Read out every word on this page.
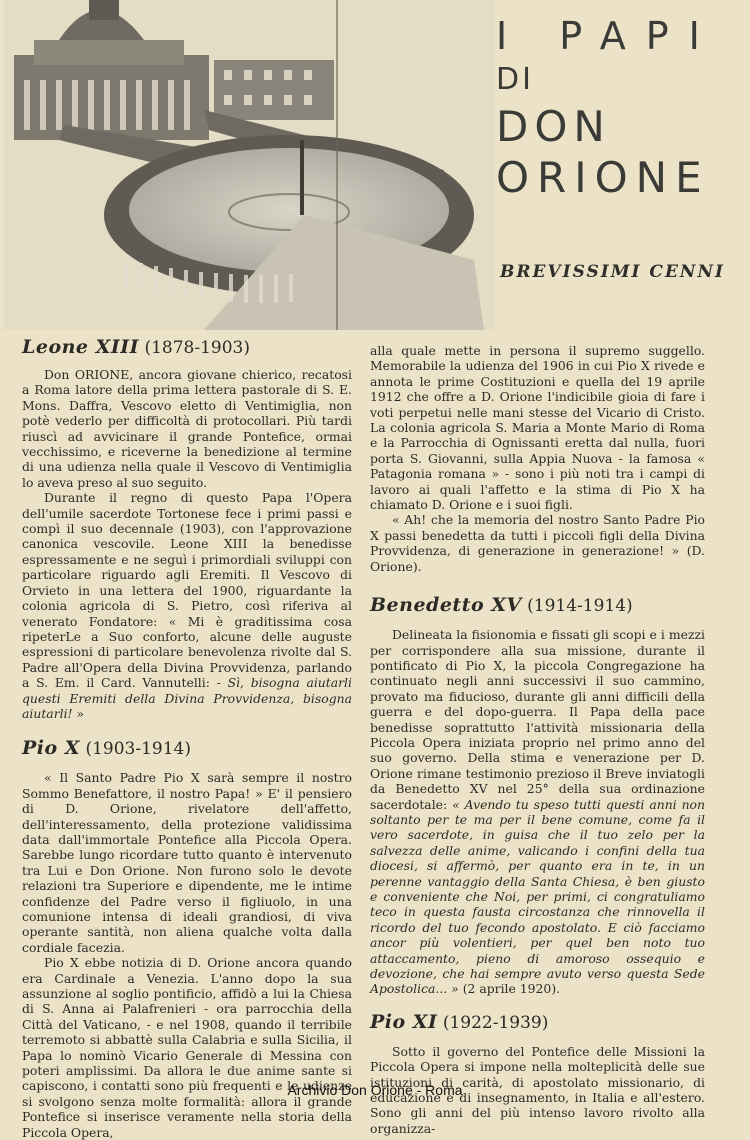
I PAPI
DI
DON
ORIONE
BREVISSIMI CENNI
Leone XIII (1878-1903)

Don ORIONE, ancora giovane chierico, recatosi a Roma latore della prima lettera pastorale di S. E. Mons. Daffra, Vescovo eletto di Ventimiglia, non potè vederlo per difficoltà di protocollari. Più tardi riuscì ad avvicinare il grande Pontefice, ormai vecchissimo, e riceverne la benedizione al termine di una udienza nella quale il Vescovo di Ventimiglia lo aveva preso al suo seguito.

Durante il regno di questo Papa l'Opera dell'umile sacerdote Tortonese fece i primi passi e compì il suo decennale (1903), con l'approvazione canonica vescovile. Leone XIII la benedisse espressamente e ne seguì i primordiali sviluppi con particolare riguardo agli Eremiti. Il Vescovo di Orvieto in una lettera del 1900, riguardante la colonia agricola di S. Pietro, così riferiva al venerato Fondatore: « Mi è graditissima cosa ripeterLe a Suo conforto, alcune delle auguste espressioni di particolare benevolenza rivolte dal S. Padre all'Opera della Divina Provvidenza, parlando a S. Em. il Card. Vannutelli: - Sì, bisogna aiutarli questi Eremiti della Divina Provvidenza, bisogna aiutarli! »

Pio X (1903-1914)

« Il Santo Padre Pio X sarà sempre il nostro Sommo Benefattore, il nostro Papa! » E' il pensiero di D. Orione, rivelatore dell'affetto, dell'interessamento, della protezione validissima data dall'immortale Pontefice alla Piccola Opera. Sarebbe lungo ricordare tutto quanto è intervenuto tra Lui e Don Orione. Non furono solo le devote relazioni tra Superiore e dipendente, me le intime confidenze del Padre verso il figliuolo, in una comunione intensa di ideali grandiosi, di viva operante santità, non aliena qualche volta dalla cordiale facezia.

Pio X ebbe notizia di D. Orione ancora quando era Cardinale a Venezia. L'anno dopo la sua assunzione al soglio pontificio, affidò a lui la Chiesa di S. Anna ai Palafrenieri - ora parrocchia della Città del Vaticano, - e nel 1908, quando il terribile terremoto si abbattè sulla Calabria e sulla Sicilia, il Papa lo nominò Vicario Generale di Messina con poteri amplissimi. Da allora le due anime sante si capiscono, i contatti sono più frequenti e le udienze si svolgono senza molte formalità: allora il grande Pontefice si inserisce veramente nella storia della Piccola Opera,

alla quale mette in persona il supremo suggello. Memorabile la udienza del 1906 in cui Pio X rivede e annota le prime Costituzioni e quella del 19 aprile 1912 che offre a D. Orione l'indicibile gioia di fare i voti perpetui nelle mani stesse del Vicario di Cristo. La colonia agricola S. Maria a Monte Mario di Roma e la Parrocchia di Ognissanti eretta dal nulla, fuori porta S. Giovanni, sulla Appia Nuova - la famosa « Patagonia romana » - sono i più noti tra i campi di lavoro ai quali l'affetto e la stima di Pio X ha chiamato D. Orione e i suoi figli.

« Ah! che la memoria del nostro Santo Padre Pio X passi benedetta da tutti i piccoli figli della Divina Provvidenza, di generazione in generazione! » (D. Orione).

Benedetto XV (1914-1914)

Delineata la fisionomia e fissati gli scopi e i mezzi per corrispondere alla sua missione, durante il pontificato di Pio X, la piccola Congregazione ha continuato negli anni successivi il suo cammino, provato ma fiducioso, durante gli anni difficili della guerra e del dopo-guerra. Il Papa della pace benedisse soprattutto l'attività missionaria della Piccola Opera iniziata proprio nel primo anno del suo governo. Della stima e venerazione per D. Orione rimane testimonio prezioso il Breve inviatogli da Benedetto XV nel 25° della sua ordinazione sacerdotale: « Avendo tu speso tutti questi anni non soltanto per te ma per il bene comune, come fa il vero sacerdote, in guisa che il tuo zelo per la salvezza delle anime, valicando i confini della tua diocesi, si affermò, per quanto era in te, in un perenne vantaggio della Santa Chiesa, è ben giusto e conveniente che Noi, per primi, ci congratuliamo teco in questa fausta circostanza che rinnovella il ricordo del tuo fecondo apostolato. E ciò facciamo ancor più volentieri, per quel ben noto tuo attaccamento, pieno di amoroso ossequio e devozione, che hai sempre avuto verso questa Sede Apostolica... » (2 aprile 1920).

Pio XI (1922-1939)

Sotto il governo del Pontefice delle Missioni la Piccola Opera si impone nella molteplicità delle sue istituzioni di carità, di apostolato missionario, di educazione e di insegnamento, in Italia e all'estero. Sono gli anni del più intenso lavoro rivolto alla organizza-

Archivio Don Orione - Roma
